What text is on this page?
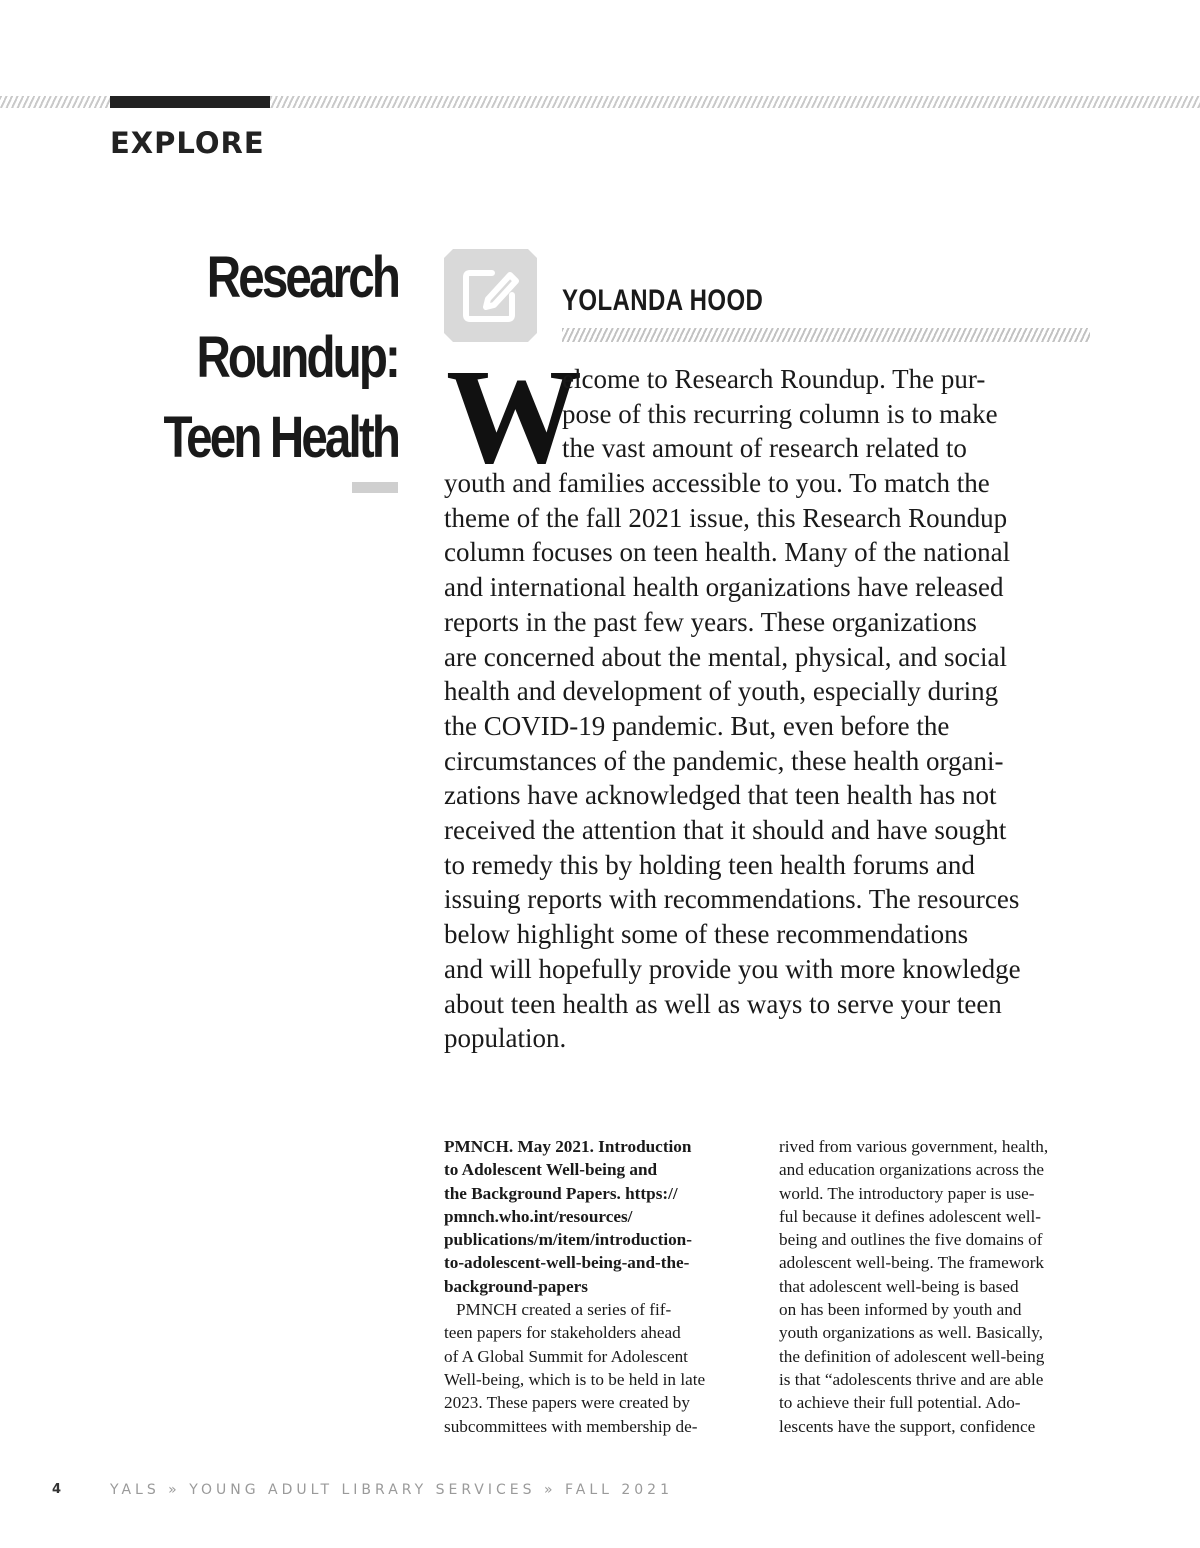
EXPLORE
Research
Roundup:
Teen Health
YOLANDA HOOD
W
elcome to Research Roundup. The pur-
pose of this recurring column is to make
the vast amount of research related to
youth and families accessible to you. To match the
theme of the fall 2021 issue, this Research Roundup
column focuses on teen health. Many of the national
and international health organizations have released
reports in the past few years. These organizations
are concerned about the mental, physical, and social
health and development of youth, especially during
the COVID-19 pandemic. But, even before the
circumstances of the pandemic, these health organi-
zations have acknowledged that teen health has not
received the attention that it should and have sought
to remedy this by holding teen health forums and
issuing reports with recommendations. The resources
below highlight some of these recommendations
and will hopefully provide you with more knowledge
about teen health as well as ways to serve your teen
population.
PMNCH. May 2021. Introduction
to Adolescent Well-being and
the Background Papers. https://
pmnch.who.int/resources/
publications/m/item/introduction-
to-adolescent-well-being-and-the-
background-papers
PMNCH created a series of fif-
teen papers for stakeholders ahead
of A Global Summit for Adolescent
Well-being, which is to be held in late
2023. These papers were created by
subcommittees with membership de-
rived from various government, health,
and education organizations across the
world. The introductory paper is use-
ful because it defines adolescent well-
being and outlines the five domains of
adolescent well-being. The framework
that adolescent well-being is based
on has been informed by youth and
youth organizations as well. Basically,
the definition of adolescent well-being
is that “adolescents thrive and are able
to achieve their full potential. Ado-
lescents have the support, confidence
4	YALS » YOUNG ADULT LIBRARY SERVICES » FALL 2021
